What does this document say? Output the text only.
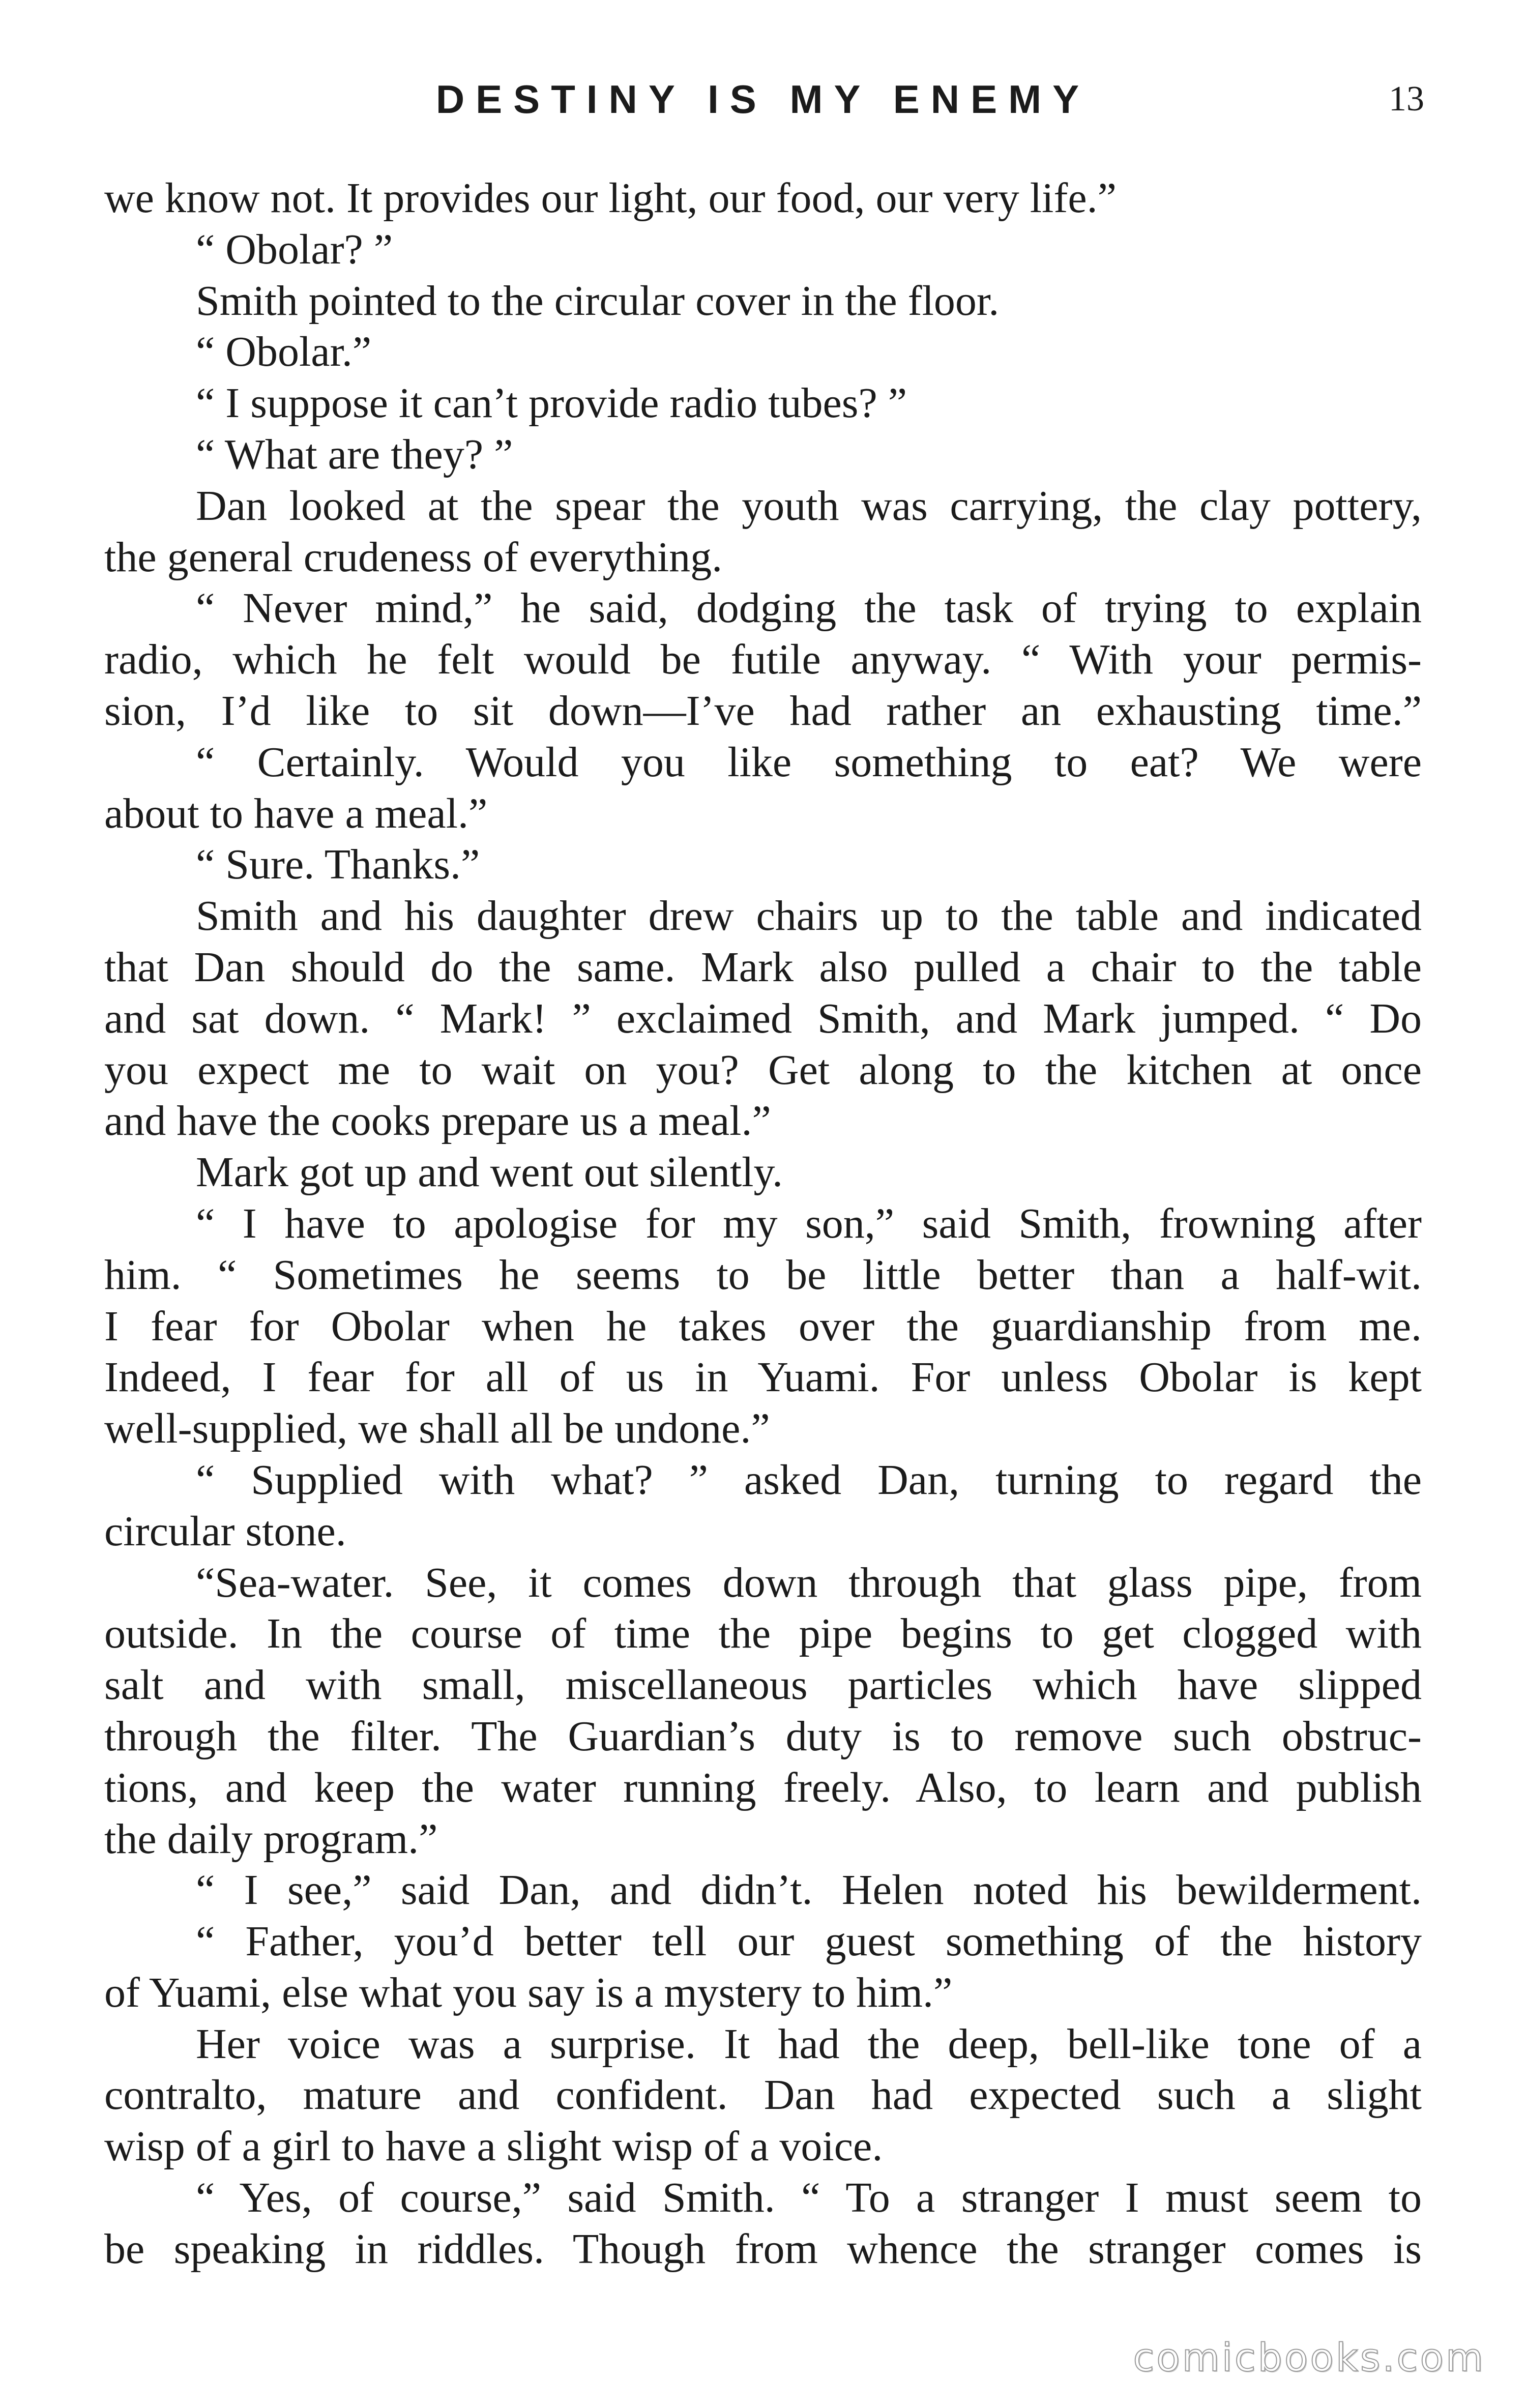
DESTINY IS MY ENEMY	13
we know not. It provides our light, our food, our very life.”
“ Obolar? ”
Smith pointed to the circular cover in the floor.
“ Obolar.”
“ I suppose it can’t provide radio tubes? ”
“ What are they? ”
Dan looked at the spear the youth was carrying, the clay pottery,
the general crudeness of everything.
“ Never mind,” he said, dodging the task of trying to explain
radio, which he felt would be futile anyway. “ With your permis-
sion, I’d like to sit down—I’ve had rather an exhausting time.”
“ Certainly. Would you like something to eat? We were
about to have a meal.”
“ Sure. Thanks.”
Smith and his daughter drew chairs up to the table and indicated
that Dan should do the same. Mark also pulled a chair to the table
and sat down. “ Mark! ” exclaimed Smith, and Mark jumped. “ Do
you expect me to wait on you? Get along to the kitchen at once
and have the cooks prepare us a meal.”
Mark got up and went out silently.
“ I have to apologise for my son,” said Smith, frowning after
him. “ Sometimes he seems to be little better than a half-wit.
I fear for Obolar when he takes over the guardianship from me.
Indeed, I fear for all of us in Yuami. For unless Obolar is kept
well-supplied, we shall all be undone.”
“ Supplied with what? ” asked Dan, turning to regard the
circular stone.
“Sea-water. See, it comes down through that glass pipe, from
outside. In the course of time the pipe begins to get clogged with
salt and with small, miscellaneous particles which have slipped
through the filter. The Guardian’s duty is to remove such obstruc-
tions, and keep the water running freely. Also, to learn and publish
the daily program.”
“ I see,” said Dan, and didn’t. Helen noted his bewilderment.
“ Father, you’d better tell our guest something of the history
of Yuami, else what you say is a mystery to him.”
Her voice was a surprise. It had the deep, bell-like tone of a
contralto, mature and confident. Dan had expected such a slight
wisp of a girl to have a slight wisp of a voice.
“ Yes, of course,” said Smith. “ To a stranger I must seem to
be speaking in riddles. Though from whence the stranger comes is
comicbooks.com
